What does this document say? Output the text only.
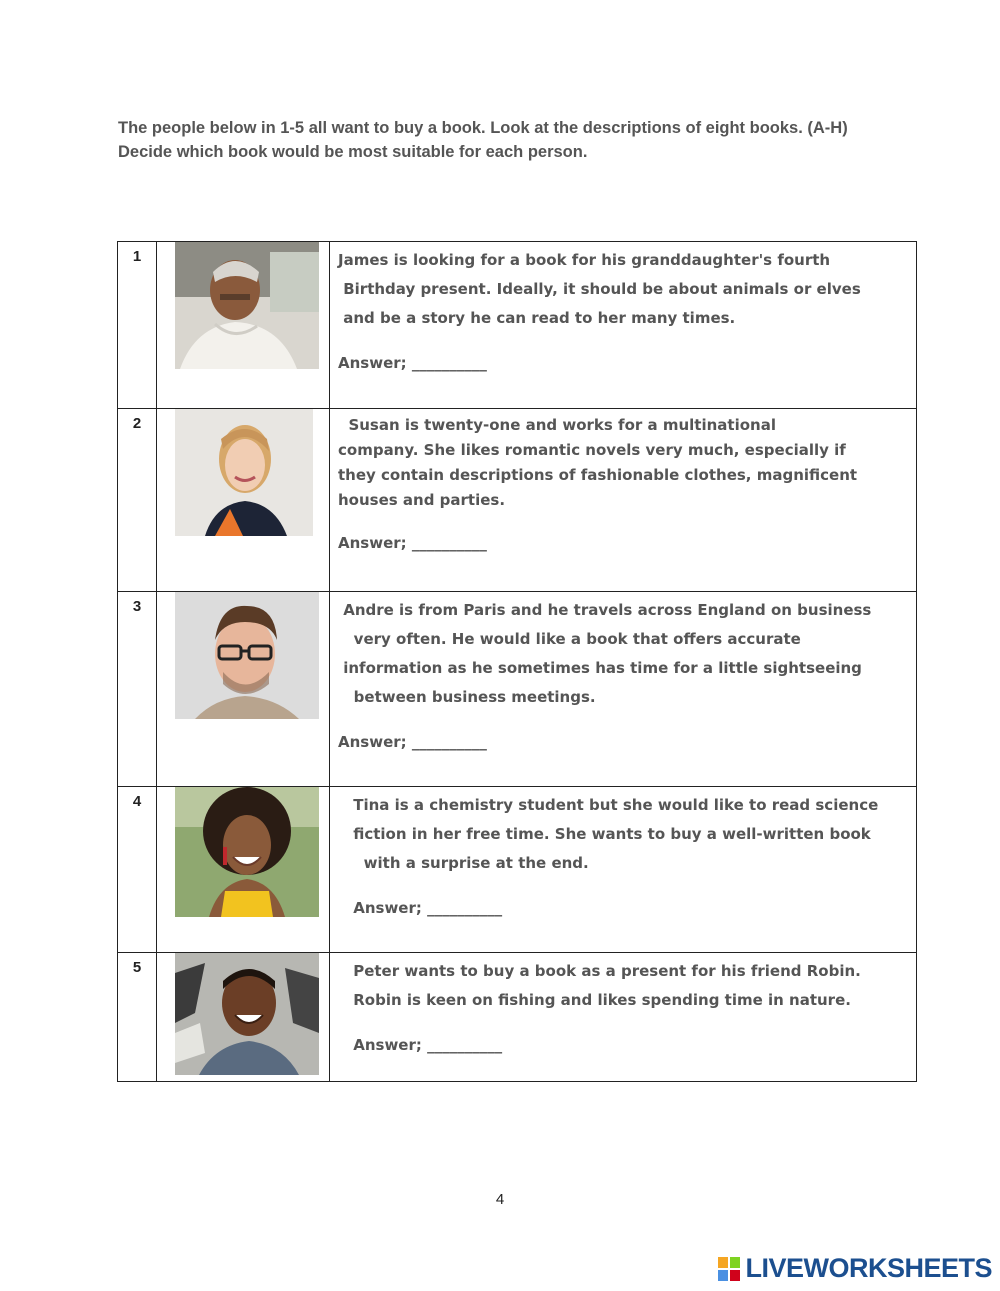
The people below in 1-5 all want to buy a book. Look at the descriptions of eight books. (A-H)
Decide which book would be most suitable for each person.
1		James is looking for a book for his granddaughter's fourth
Birthday present. Ideally, it should be about animals or elves
and be a story he can read to her many times.
Answer; __________

2		Susan is twenty-one and works for a multinational
company. She likes romantic novels very much, especially if
they contain descriptions of fashionable clothes, magnificent
houses and parties.
Answer; __________

3		Andre is from Paris and he travels across England on business
very often. He would like a book that offers accurate
information as he sometimes has time for a little sightseeing
between business meetings.
Answer; __________

4		Tina is a chemistry student but she would like to read science
fiction in her free time. She wants to buy a well-written book
with a surprise at the end.
Answer; __________

5		Peter wants to buy a book as a present for his friend Robin.
Robin is keen on fishing and likes spending time in nature.
Answer; __________
4
LIVEWORKSHEETS
